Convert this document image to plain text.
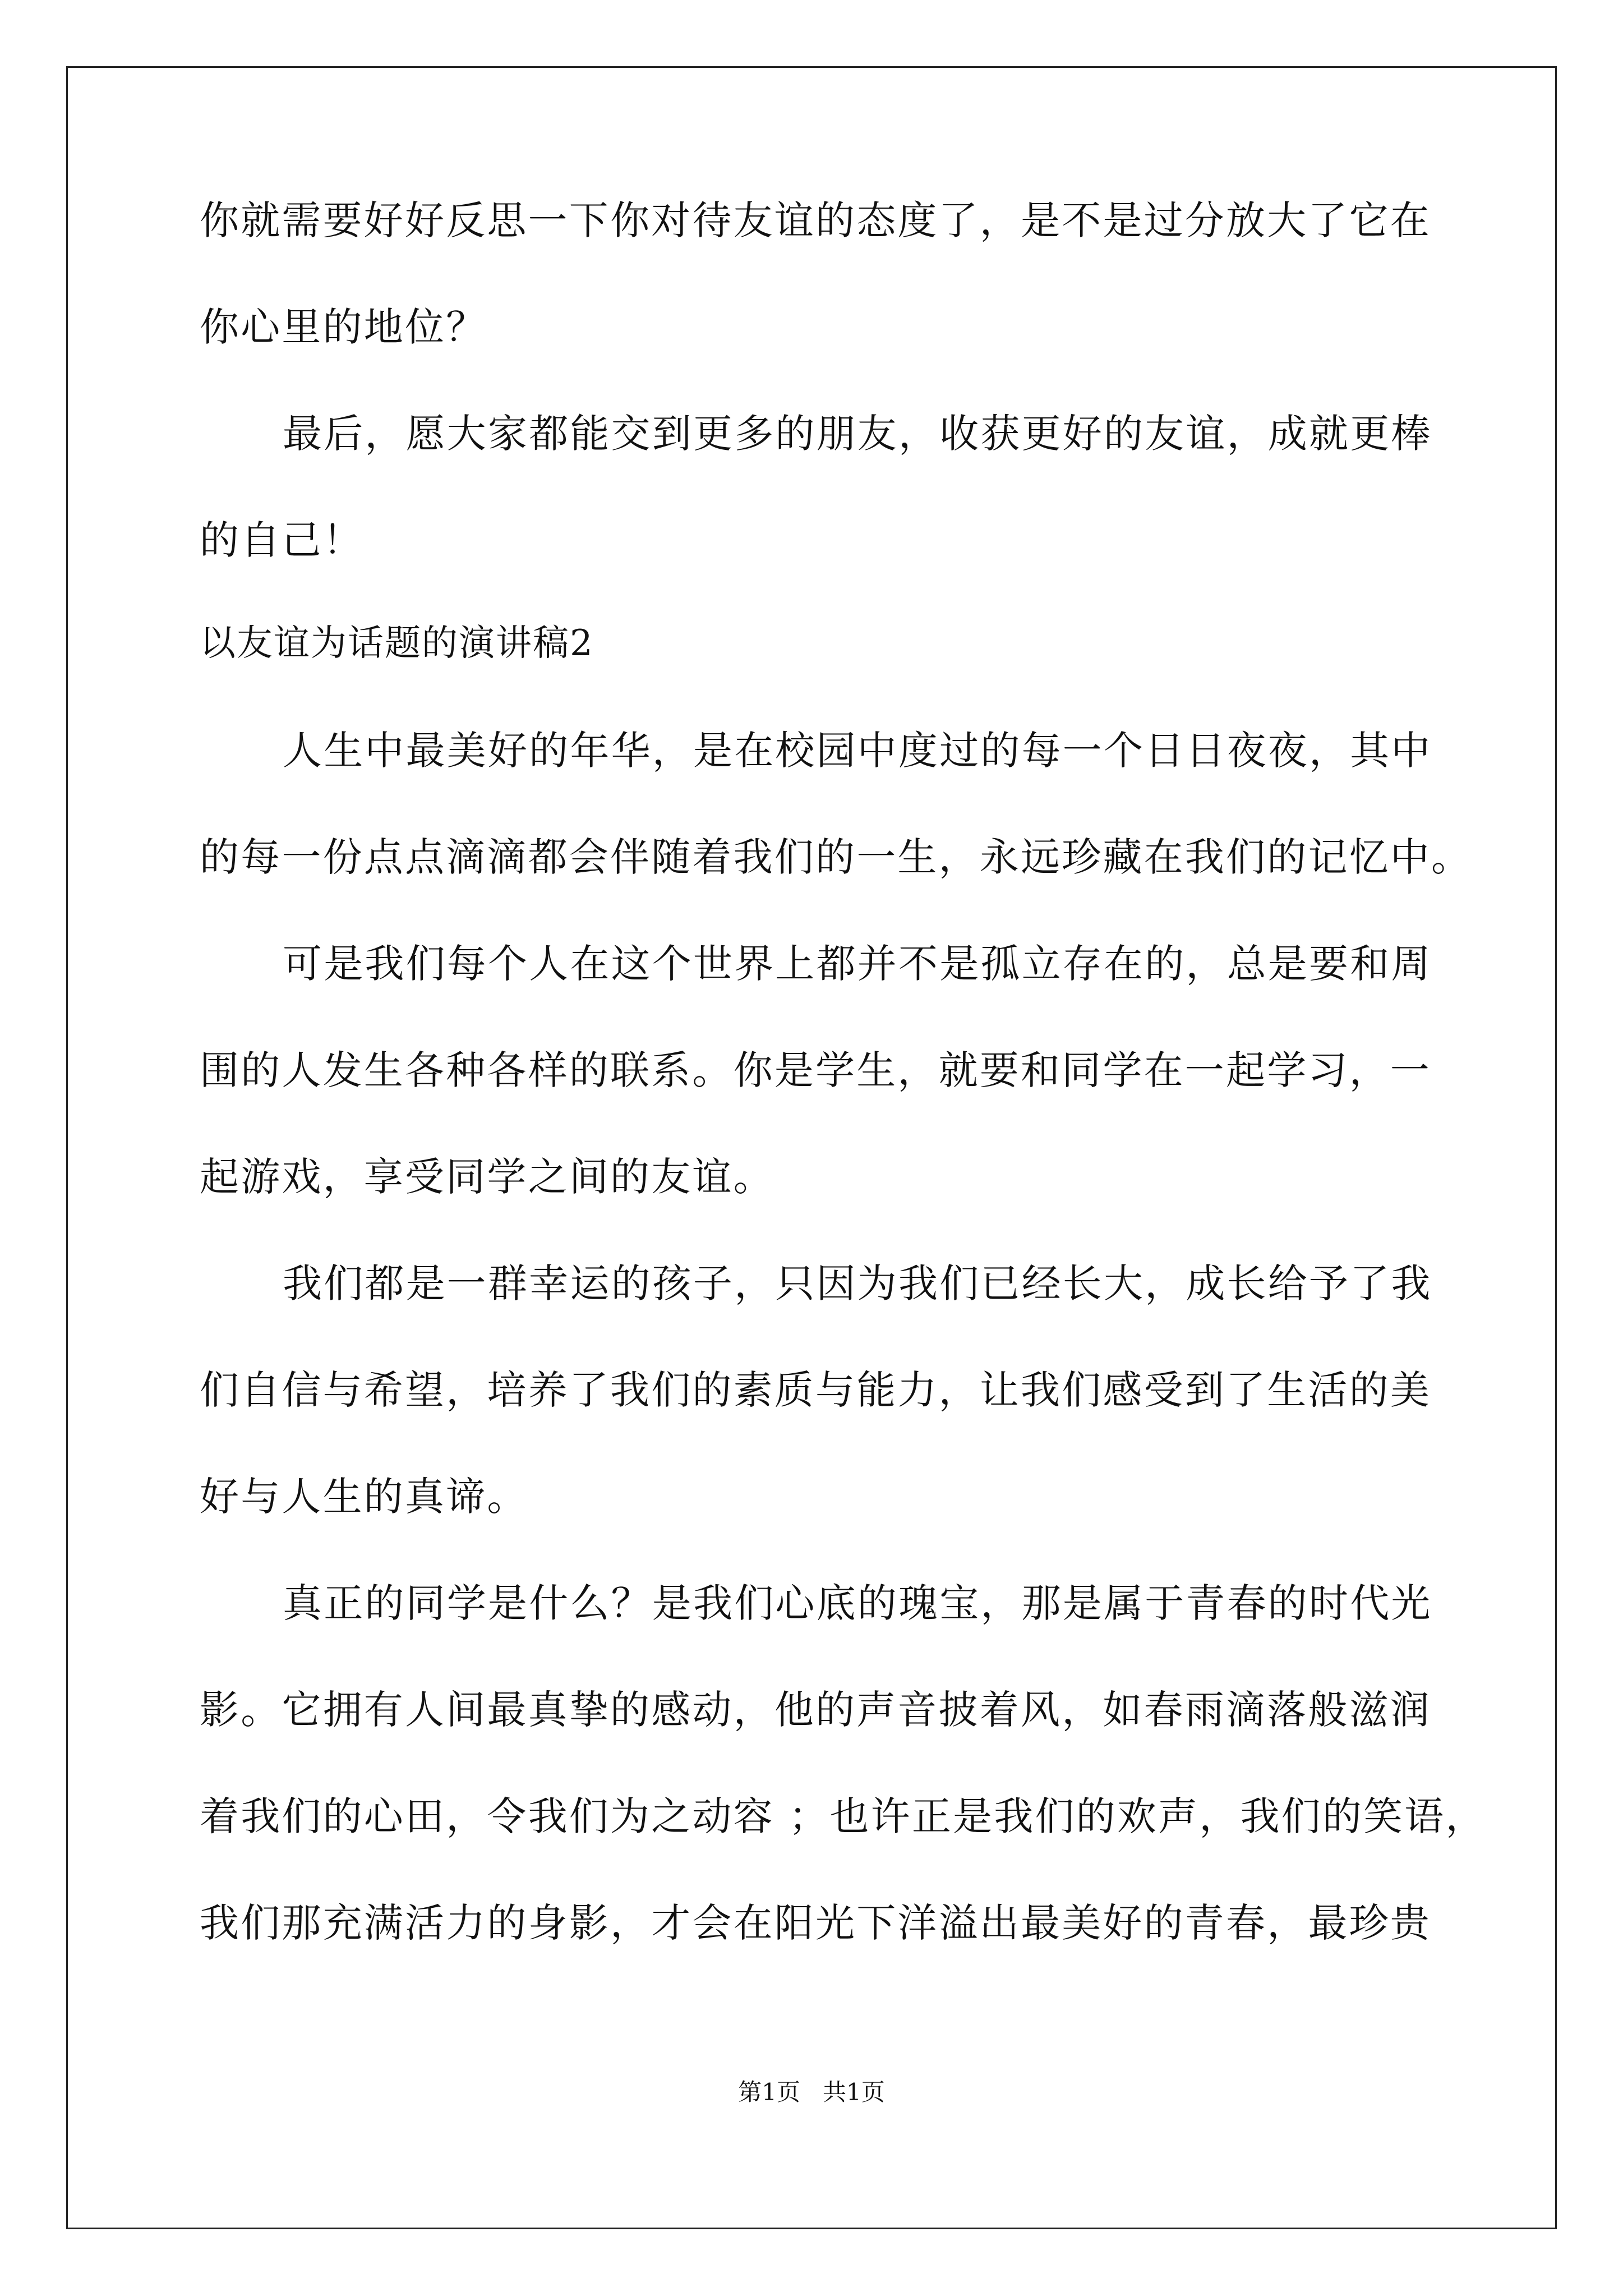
你就需要好好反思一下你对待友谊的态度了，是不是过分放大了它在
你心里的地位？
最后，愿大家都能交到更多的朋友，收获更好的友谊，成就更棒
的自己！
以友谊为话题的演讲稿2
人生中最美好的年华，是在校园中度过的每一个日日夜夜，其中
的每一份点点滴滴都会伴随着我们的一生，永远珍藏在我们的记忆中。
可是我们每个人在这个世界上都并不是孤立存在的，总是要和周
围的人发生各种各样的联系。你是学生，就要和同学在一起学习，一
起游戏，享受同学之间的友谊。
我们都是一群幸运的孩子，只因为我们已经长大，成长给予了我
们自信与希望，培养了我们的素质与能力，让我们感受到了生活的美
好与人生的真谛。
真正的同学是什么？是我们心底的瑰宝，那是属于青春的时代光
影。它拥有人间最真挚的感动，他的声音披着风，如春雨滴落般滋润
着我们的心田，令我们为之动容 ；也许正是我们的欢声，我们的笑语，
我们那充满活力的身影，才会在阳光下洋溢出最美好的青春，最珍贵
第1页 共1页
